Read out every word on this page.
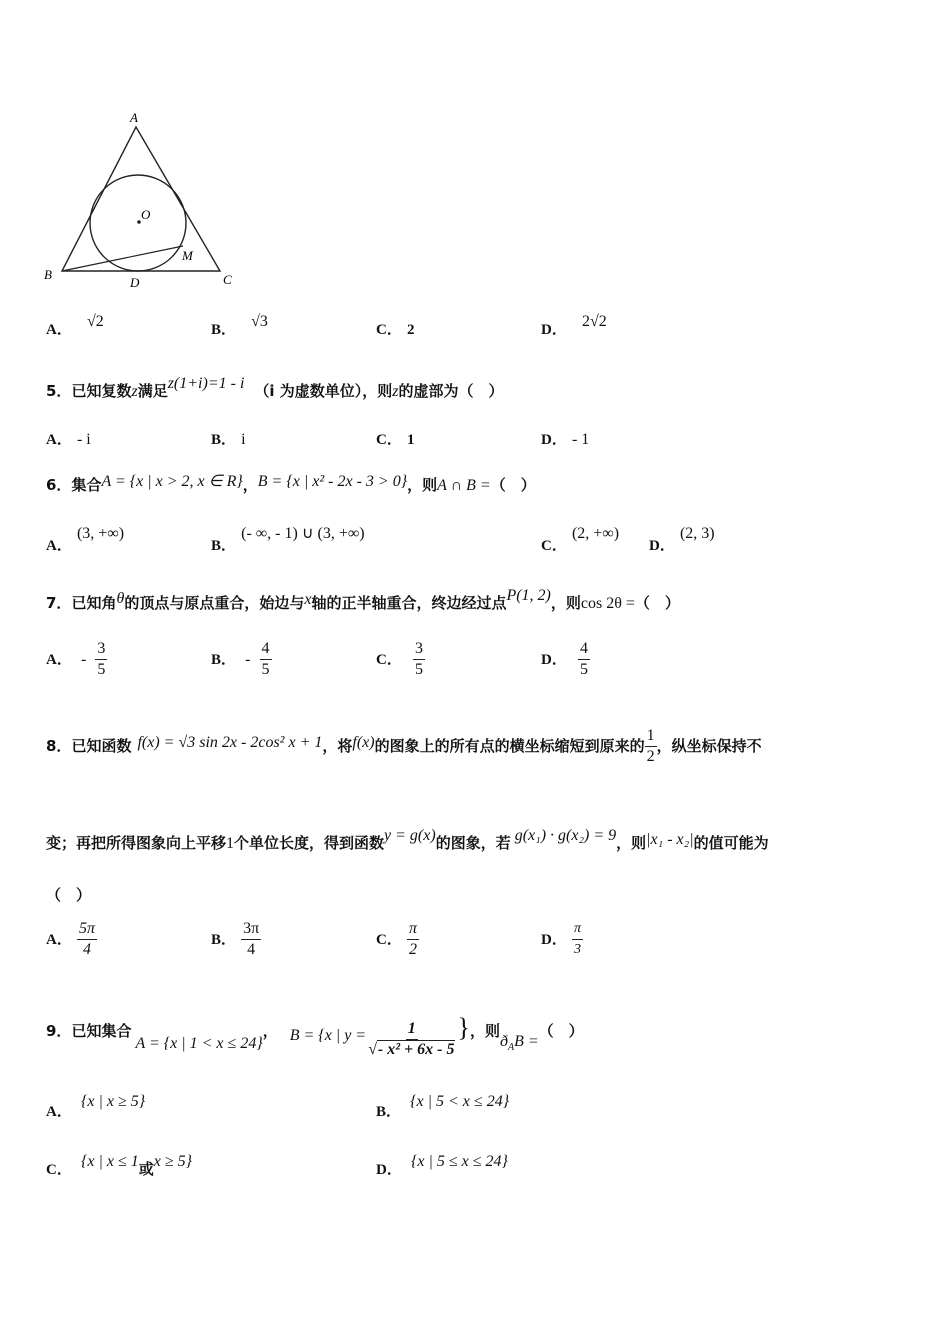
A
B	C
D
M
O
A． √2	B． √3	C． 2	D． 2√2
5．已知复数z满足z(1+i)=1 - i （i 为虚数单位），则z的虚部为（　）
A． - i	B． i	C． 1	D． - 1
6．集合A = {x | x > 2, x ∈ R}，B = {x | x² - 2x - 3 > 0}，则A ∩ B =（　）
A． (3, +∞)
B． (- ∞, - 1) ∪ (3, +∞)
C． (2, +∞)
D． (2, 3)
7．已知角θ的顶点与原点重合，始边与x轴的正半轴重合，终边经过点P(1, 2)，则cos 2θ =（　）
A． - $\frac{3}{5}$	B． - $\frac{4}{5}$	C． $\frac{3}{5}$	D． $\frac{4}{5}$
8．已知函数 f(x) = √3 sin 2x - 2cos² x + 1，将f(x)的图象上的所有点的横坐标缩短到原来的 $\frac{1}{2}$ ，纵坐标保持不
变；再把所得图象向上平移1个单位长度，得到函数y = g(x)的图象，若 g(x₁) · g(x₂) = 9，则|x₁ - x₂|的值可能为
（　）
A． $\frac{5\pi}{4}$	B． $\frac{3\pi}{4}$	C． $\frac{\pi}{2}$	D． $\frac{\pi}{3}$
9．已知集合A = {x | 1 < x ≤ 24}， B = {x | $y = \frac{1}{\text{√- x² + 6x - 5}}$ }，则$ð_AB$ =（　）
A． {x | x ≥ 5}
B． {x | 5 < x ≤ 24}
C． {x | x ≤ 1或x ≥ 5}	D． {x | 5 ≤ x ≤ 24}
